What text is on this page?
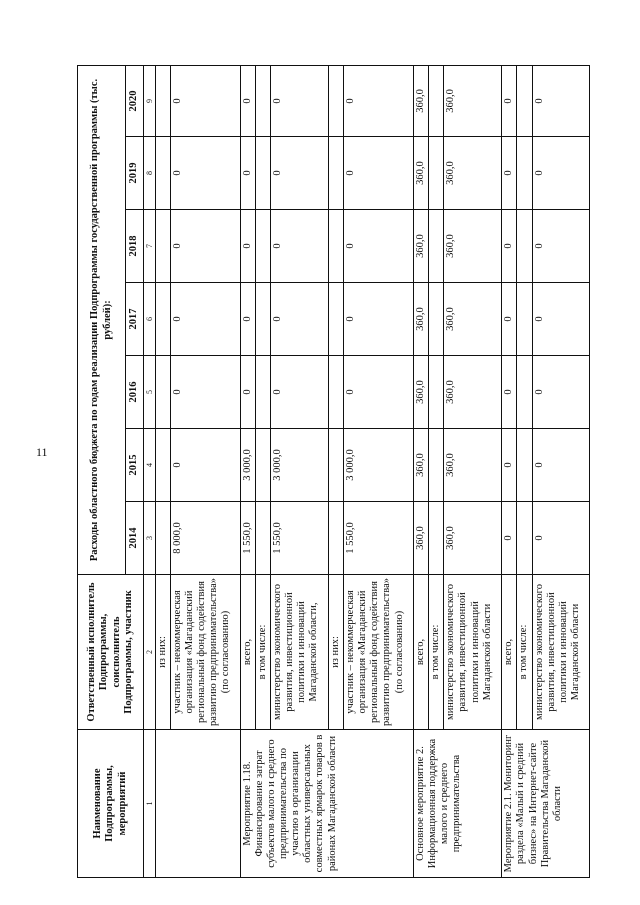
11
Наименование Подпрограммы, мероприятий	Ответственный исполнитель Подпрограммы, соисполнитель Подпрограммы, участник	Расходы областного бюджета по годам реализации Подпрограммы государственной программы (тыс. рублей):						
		2014	2015	2016	2017	2018	2019	2020
1	2	3	4	5	6	7	8	9
	из них:							
	участник – некоммерческая организация «Магаданский региональный фонд содействия развитию предпринимательства» (по согласованию)	8 000,0	0	0	0	0	0	0
Мероприятие 1.18. Финансирование затрат субъектов малого и среднего предпринимательства по участию в организации областных универсальных совместных ярмарок товаров в районах Магаданской области	всего,	1 550,0	3 000,0	0	0	0	0	0
	в том числе:							
	министерство экономического развития, инвестиционной политики и инноваций Магаданской области,	1 550,0	3 000,0	0	0	0	0	0
	из них:							
	участник – некоммерческая организация «Магаданский региональный фонд содействия развитию предпринимательства» (по согласованию)	1 550,0	3 000,0	0	0	0	0	0
Основное мероприятие 2. Информационная поддержка малого и среднего предпринимательства	всего,	360,0	360,0	360,0	360,0	360,0	360,0	360,0
	в том числе:							
	министерство экономического развития, инвестиционной политики и инноваций Магаданской области	360,0	360,0	360,0	360,0	360,0	360,0	360,0
Мероприятие 2.1. Мониторинг раздела «Малый и средний бизнес» на Интернет-сайте Правительства Магаданской области	всего,	0	0	0	0	0	0	0
	в том числе:							
	министерство экономического развития, инвестиционной политики и инноваций Магаданской области	0	0	0	0	0	0	0
